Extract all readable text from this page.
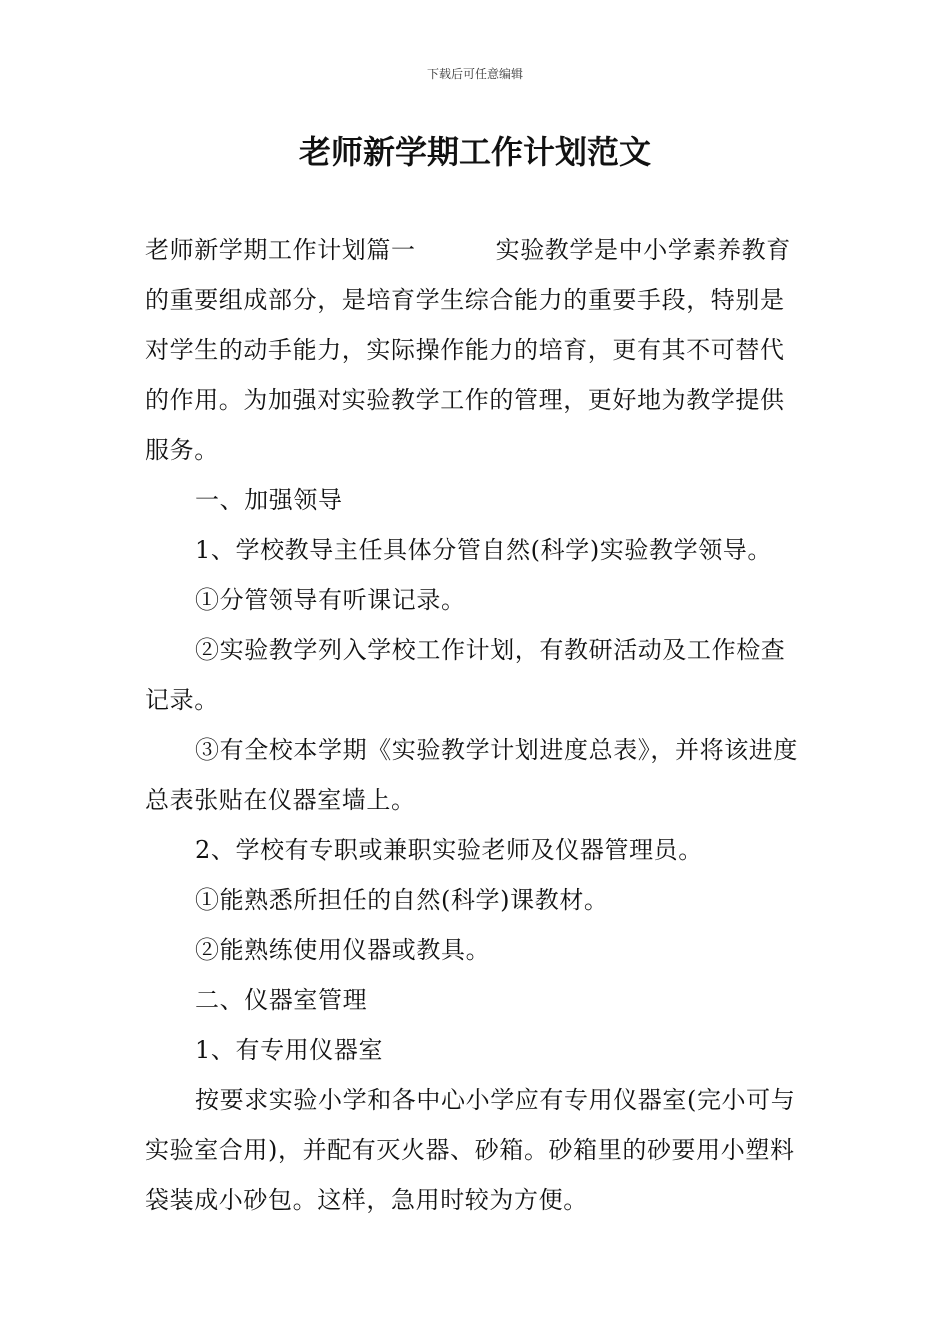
下载后可任意编辑
老师新学期工作计划范文

老师新学期工作计划篇一	实验教学是中小学素养教育的重要组成部分，是培育学生综合能力的重要手段，特别是对学生的动手能力，实际操作能力的培育，更有其不可替代的作用。为加强对实验教学工作的管理，更好地为教学提供服务。

一、加强领导

1、学校教导主任具体分管自然(科学)实验教学领导。

①分管领导有听课记录。

②实验教学列入学校工作计划，有教研活动及工作检查记录。

③有全校本学期《实验教学计划进度总表》，并将该进度总表张贴在仪器室墙上。

2、学校有专职或兼职实验老师及仪器管理员。

①能熟悉所担任的自然(科学)课教材。

②能熟练使用仪器或教具。

二、仪器室管理

1、有专用仪器室

按要求实验小学和各中心小学应有专用仪器室(完小可与实验室合用)，并配有灭火器、砂箱。砂箱里的砂要用小塑料袋装成小砂包。这样，急用时较为方便。
